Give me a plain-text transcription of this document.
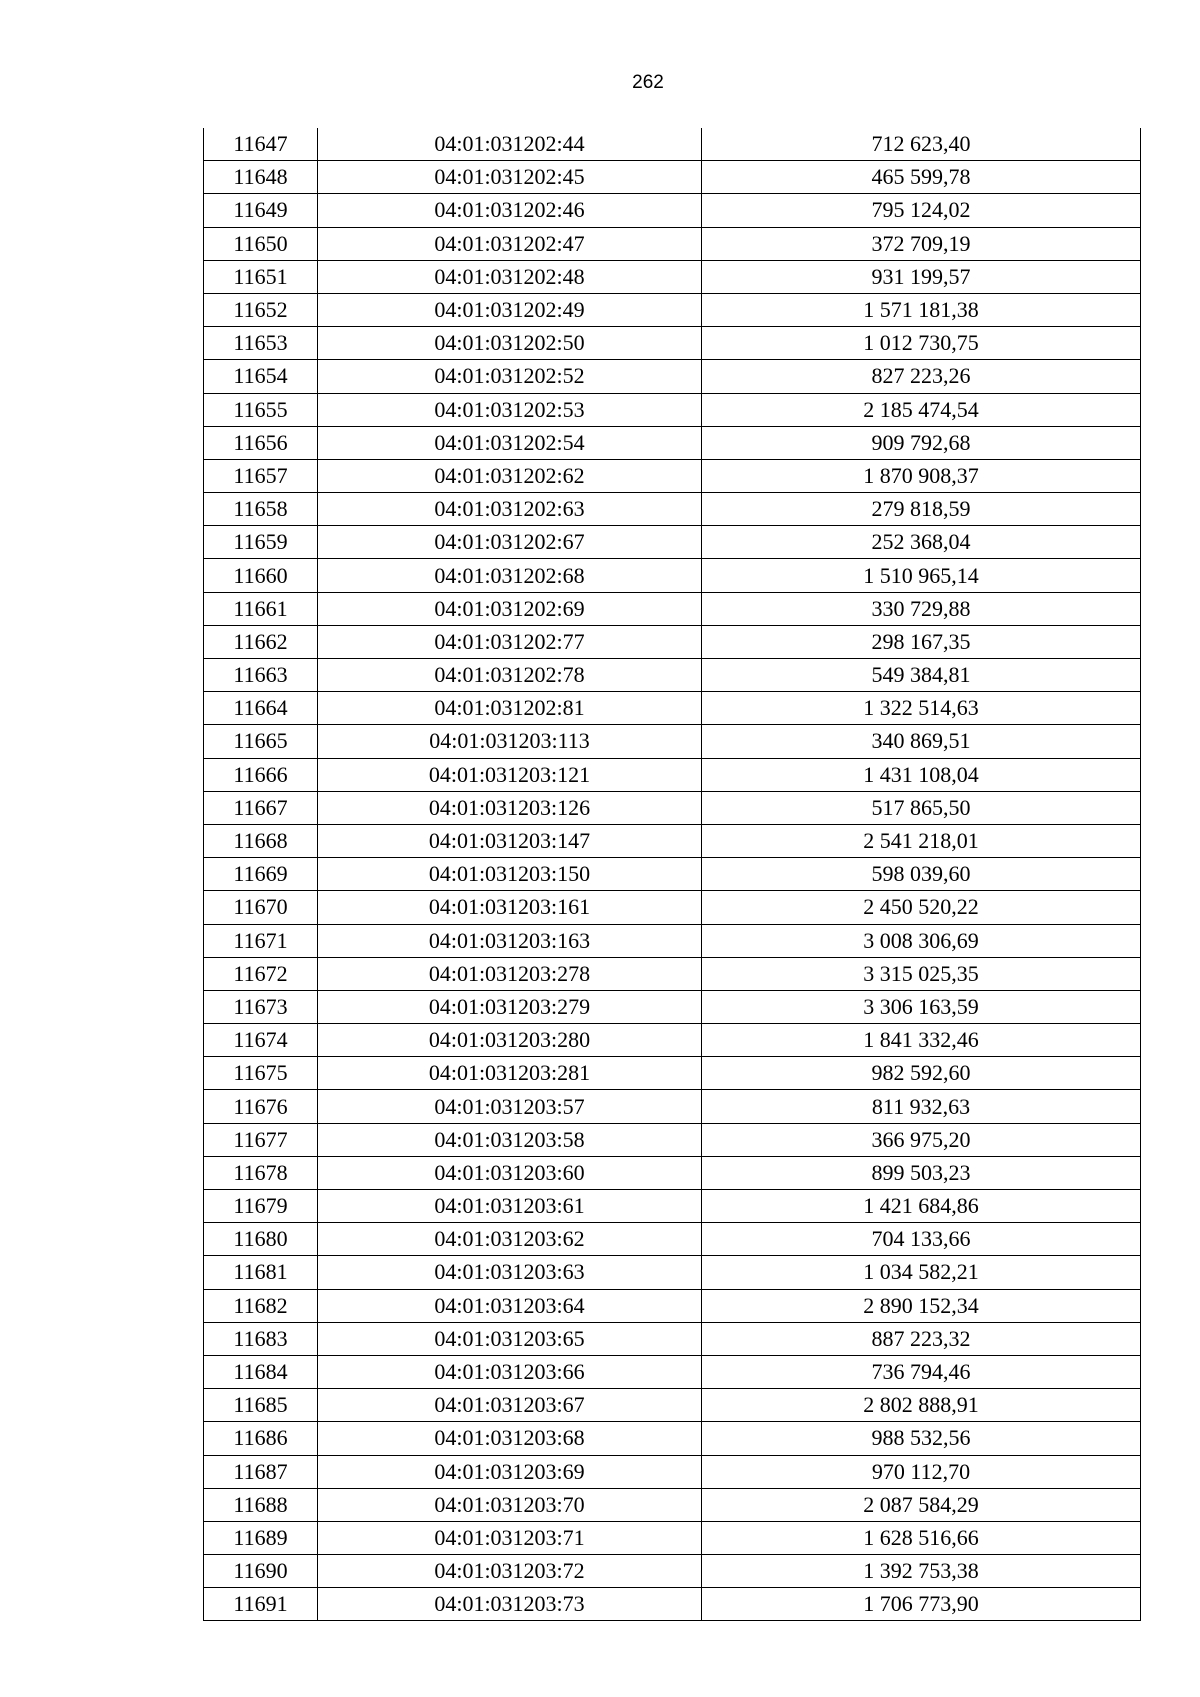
262
11647	04:01:031202:44	712 623,40
11648	04:01:031202:45	465 599,78
11649	04:01:031202:46	795 124,02
11650	04:01:031202:47	372 709,19
11651	04:01:031202:48	931 199,57
11652	04:01:031202:49	1 571 181,38
11653	04:01:031202:50	1 012 730,75
11654	04:01:031202:52	827 223,26
11655	04:01:031202:53	2 185 474,54
11656	04:01:031202:54	909 792,68
11657	04:01:031202:62	1 870 908,37
11658	04:01:031202:63	279 818,59
11659	04:01:031202:67	252 368,04
11660	04:01:031202:68	1 510 965,14
11661	04:01:031202:69	330 729,88
11662	04:01:031202:77	298 167,35
11663	04:01:031202:78	549 384,81
11664	04:01:031202:81	1 322 514,63
11665	04:01:031203:113	340 869,51
11666	04:01:031203:121	1 431 108,04
11667	04:01:031203:126	517 865,50
11668	04:01:031203:147	2 541 218,01
11669	04:01:031203:150	598 039,60
11670	04:01:031203:161	2 450 520,22
11671	04:01:031203:163	3 008 306,69
11672	04:01:031203:278	3 315 025,35
11673	04:01:031203:279	3 306 163,59
11674	04:01:031203:280	1 841 332,46
11675	04:01:031203:281	982 592,60
11676	04:01:031203:57	811 932,63
11677	04:01:031203:58	366 975,20
11678	04:01:031203:60	899 503,23
11679	04:01:031203:61	1 421 684,86
11680	04:01:031203:62	704 133,66
11681	04:01:031203:63	1 034 582,21
11682	04:01:031203:64	2 890 152,34
11683	04:01:031203:65	887 223,32
11684	04:01:031203:66	736 794,46
11685	04:01:031203:67	2 802 888,91
11686	04:01:031203:68	988 532,56
11687	04:01:031203:69	970 112,70
11688	04:01:031203:70	2 087 584,29
11689	04:01:031203:71	1 628 516,66
11690	04:01:031203:72	1 392 753,38
11691	04:01:031203:73	1 706 773,90
